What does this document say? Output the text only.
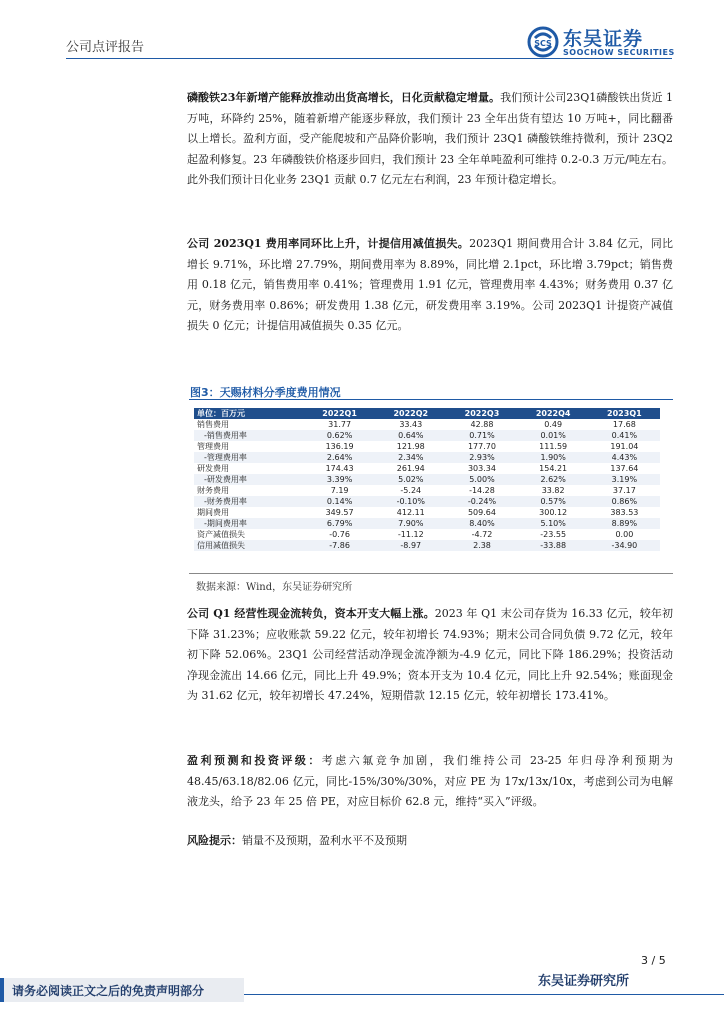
公司点评报告	SCS 东吴证券
SOOCHOW SECURITIES
磷酸铁23年新增产能释放推动出货高增长，日化贡献稳定增量。我们预计公司23Q1磷酸铁出货近 1 万吨，环降约 25%，随着新增产能逐步释放，我们预计 23 全年出货有望达 10 万吨+，同比翻番以上增长。盈利方面，受产能爬坡和产品降价影响，我们预计 23Q1 磷酸铁维持微利，预计 23Q2 起盈利修复。23 年磷酸铁价格逐步回归，我们预计 23 全年单吨盈利可维持 0.2-0.3 万元/吨左右。此外我们预计日化业务 23Q1 贡献 0.7 亿元左右利润，23 年预计稳定增长。
公司 2023Q1 费用率同环比上升，计提信用减值损失。2023Q1 期间费用合计 3.84 亿元，同比增长 9.71%，环比增 27.79%，期间费用率为 8.89%，同比增 2.1pct，环比增 3.79pct；销售费用 0.18 亿元，销售费用率 0.41%；管理费用 1.91 亿元，管理费用率 4.43%；财务费用 0.37 亿元，财务费用率 0.86%；研发费用 1.38 亿元，研发费用率 3.19%。公司 2023Q1 计提资产减值损失 0 亿元；计提信用减值损失 0.35 亿元。
图3：天赐材料分季度费用情况
单位：百万元	2022Q1	2022Q2	2022Q3	2022Q4	2023Q1
销售费用	31.77	33.43	42.88	0.49	17.68
-销售费用率	0.62%	0.64%	0.71%	0.01%	0.41%
管理费用	136.19	121.98	177.70	111.59	191.04
-管理费用率	2.64%	2.34%	2.93%	1.90%	4.43%
研发费用	174.43	261.94	303.34	154.21	137.64
-研发费用率	3.39%	5.02%	5.00%	2.62%	3.19%
财务费用	7.19	-5.24	-14.28	33.82	37.17
-财务费用率	0.14%	-0.10%	-0.24%	0.57%	0.86%
期间费用	349.57	412.11	509.64	300.12	383.53
-期间费用率	6.79%	7.90%	8.40%	5.10%	8.89%
资产减值损失	-0.76	-11.12	-4.72	-23.55	0.00
信用减值损失	-7.86	-8.97	2.38	-33.88	-34.90
数据来源：Wind，东吴证券研究所
公司 Q1 经营性现金流转负，资本开支大幅上涨。2023 年 Q1 末公司存货为 16.33 亿元，较年初下降 31.23%；应收账款 59.22 亿元，较年初增长 74.93%；期末公司合同负债 9.72 亿元，较年初下降 52.06%。23Q1 公司经营活动净现金流净额为-4.9 亿元，同比下降 186.29%；投资活动净现金流出 14.66 亿元，同比上升 49.9%；资本开支为 10.4 亿元，同比上升 92.54%；账面现金为 31.62 亿元，较年初增长 47.24%，短期借款 12.15 亿元，较年初增长 173.41%。
盈利预测和投资评级：考虑六氟竞争加剧，我们维持公司 23-25 年归母净利预期为 48.45/63.18/82.06 亿元，同比-15%/30%/30%，对应 PE 为 17x/13x/10x，考虑到公司为电解液龙头，给予 23 年 25 倍 PE，对应目标价 62.8 元，维持“买入”评级。
风险提示：销量不及预期，盈利水平不及预期
3 / 5
请务必阅读正文之后的免责声明部分
东吴证券研究所
